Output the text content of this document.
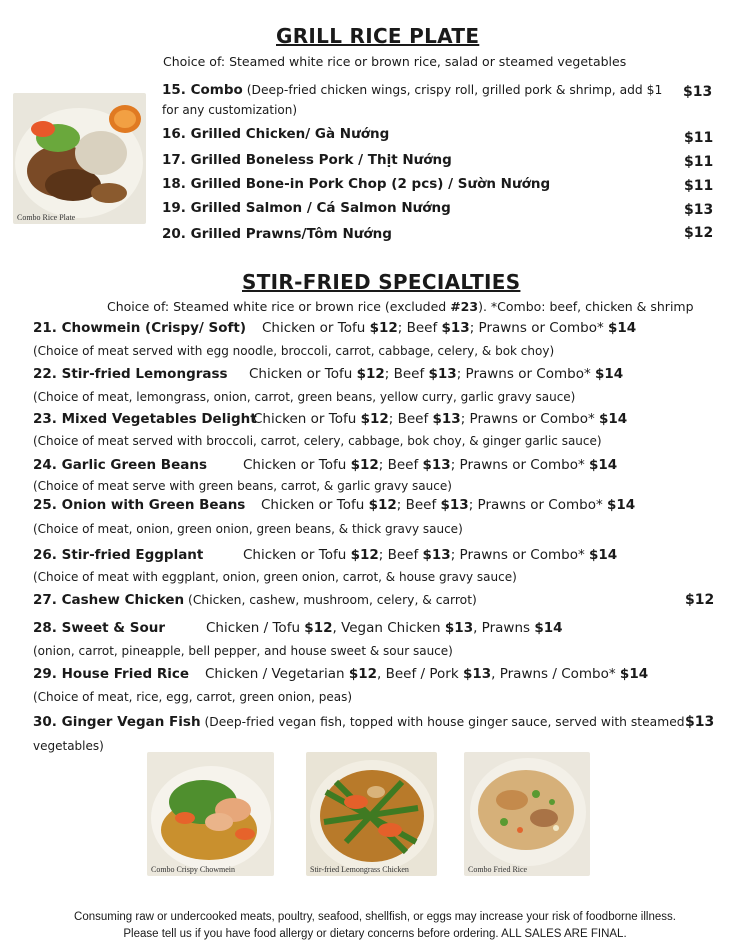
GRILL RICE PLATE
Choice of: Steamed white rice or brown rice, salad or steamed vegetables
Combo Rice Plate
15. Combo (Deep-fried chicken wings, crispy roll, grilled pork & shrimp, add $1
for any customization)
$13
16. Grilled Chicken/ Gà Nướng	$11
17. Grilled Boneless Pork / Thịt Nướng	$11
18. Grilled Bone-in Pork Chop (2 pcs) / Sườn Nướng	$11
19. Grilled Salmon / Cá Salmon Nướng	$13
20. Grilled Prawns/Tôm Nướng	$12
STIR-FRIED SPECIALTIES
Choice of: Steamed white rice or brown rice (excluded #23). *Combo: beef, chicken & shrimp
21. Chowmein (Crispy/ Soft) Chicken or Tofu $12; Beef $13; Prawns or Combo* $14
(Choice of meat served with egg noodle, broccoli, carrot, cabbage, celery, & bok choy)
22. Stir-fried Lemongrass Chicken or Tofu $12; Beef $13; Prawns or Combo* $14
(Choice of meat, lemongrass, onion, carrot, green beans, yellow curry, garlic gravy sauce)
23. Mixed Vegetables Delight
Chicken or Tofu $12; Beef $13; Prawns or Combo* $14
(Choice of meat served with broccoli, carrot, celery, cabbage, bok choy, & ginger garlic sauce)
24. Garlic Green Beans	Chicken or Tofu $12; Beef $13; Prawns or Combo* $14
(Choice of meat serve with green beans, carrot, & garlic gravy sauce)
25. Onion with Green Beans Chicken or Tofu $12; Beef $13; Prawns or Combo* $14
(Choice of meat, onion, green onion, green beans, & thick gravy sauce)
26. Stir-fried Eggplant	Chicken or Tofu $12; Beef $13; Prawns or Combo* $14
(Choice of meat with eggplant, onion, green onion, carrot, & house gravy sauce)
27. Cashew Chicken (Chicken, cashew, mushroom, celery, & carrot)	$12
28. Sweet & Sour	Chicken / Tofu $12, Vegan Chicken $13, Prawns $14
(onion, carrot, pineapple, bell pepper, and house sweet & sour sauce)
29. House Fried Rice Chicken / Vegetarian $12, Beef / Pork $13, Prawns / Combo* $14
(Choice of meat, rice, egg, carrot, green onion, peas)
30. Ginger Vegan Fish (Deep-fried vegan fish, topped with house ginger sauce, served with steamed
vegetables)
$13
Combo Crispy Chowmein	Stir-fried Lemongrass Chicken	Combo Fried Rice
Consuming raw or undercooked meats, poultry, seafood, shellfish, or eggs may increase your risk of foodborne illness.
Please tell us if you have food allergy or dietary concerns before ordering. ALL SALES ARE FINAL.
